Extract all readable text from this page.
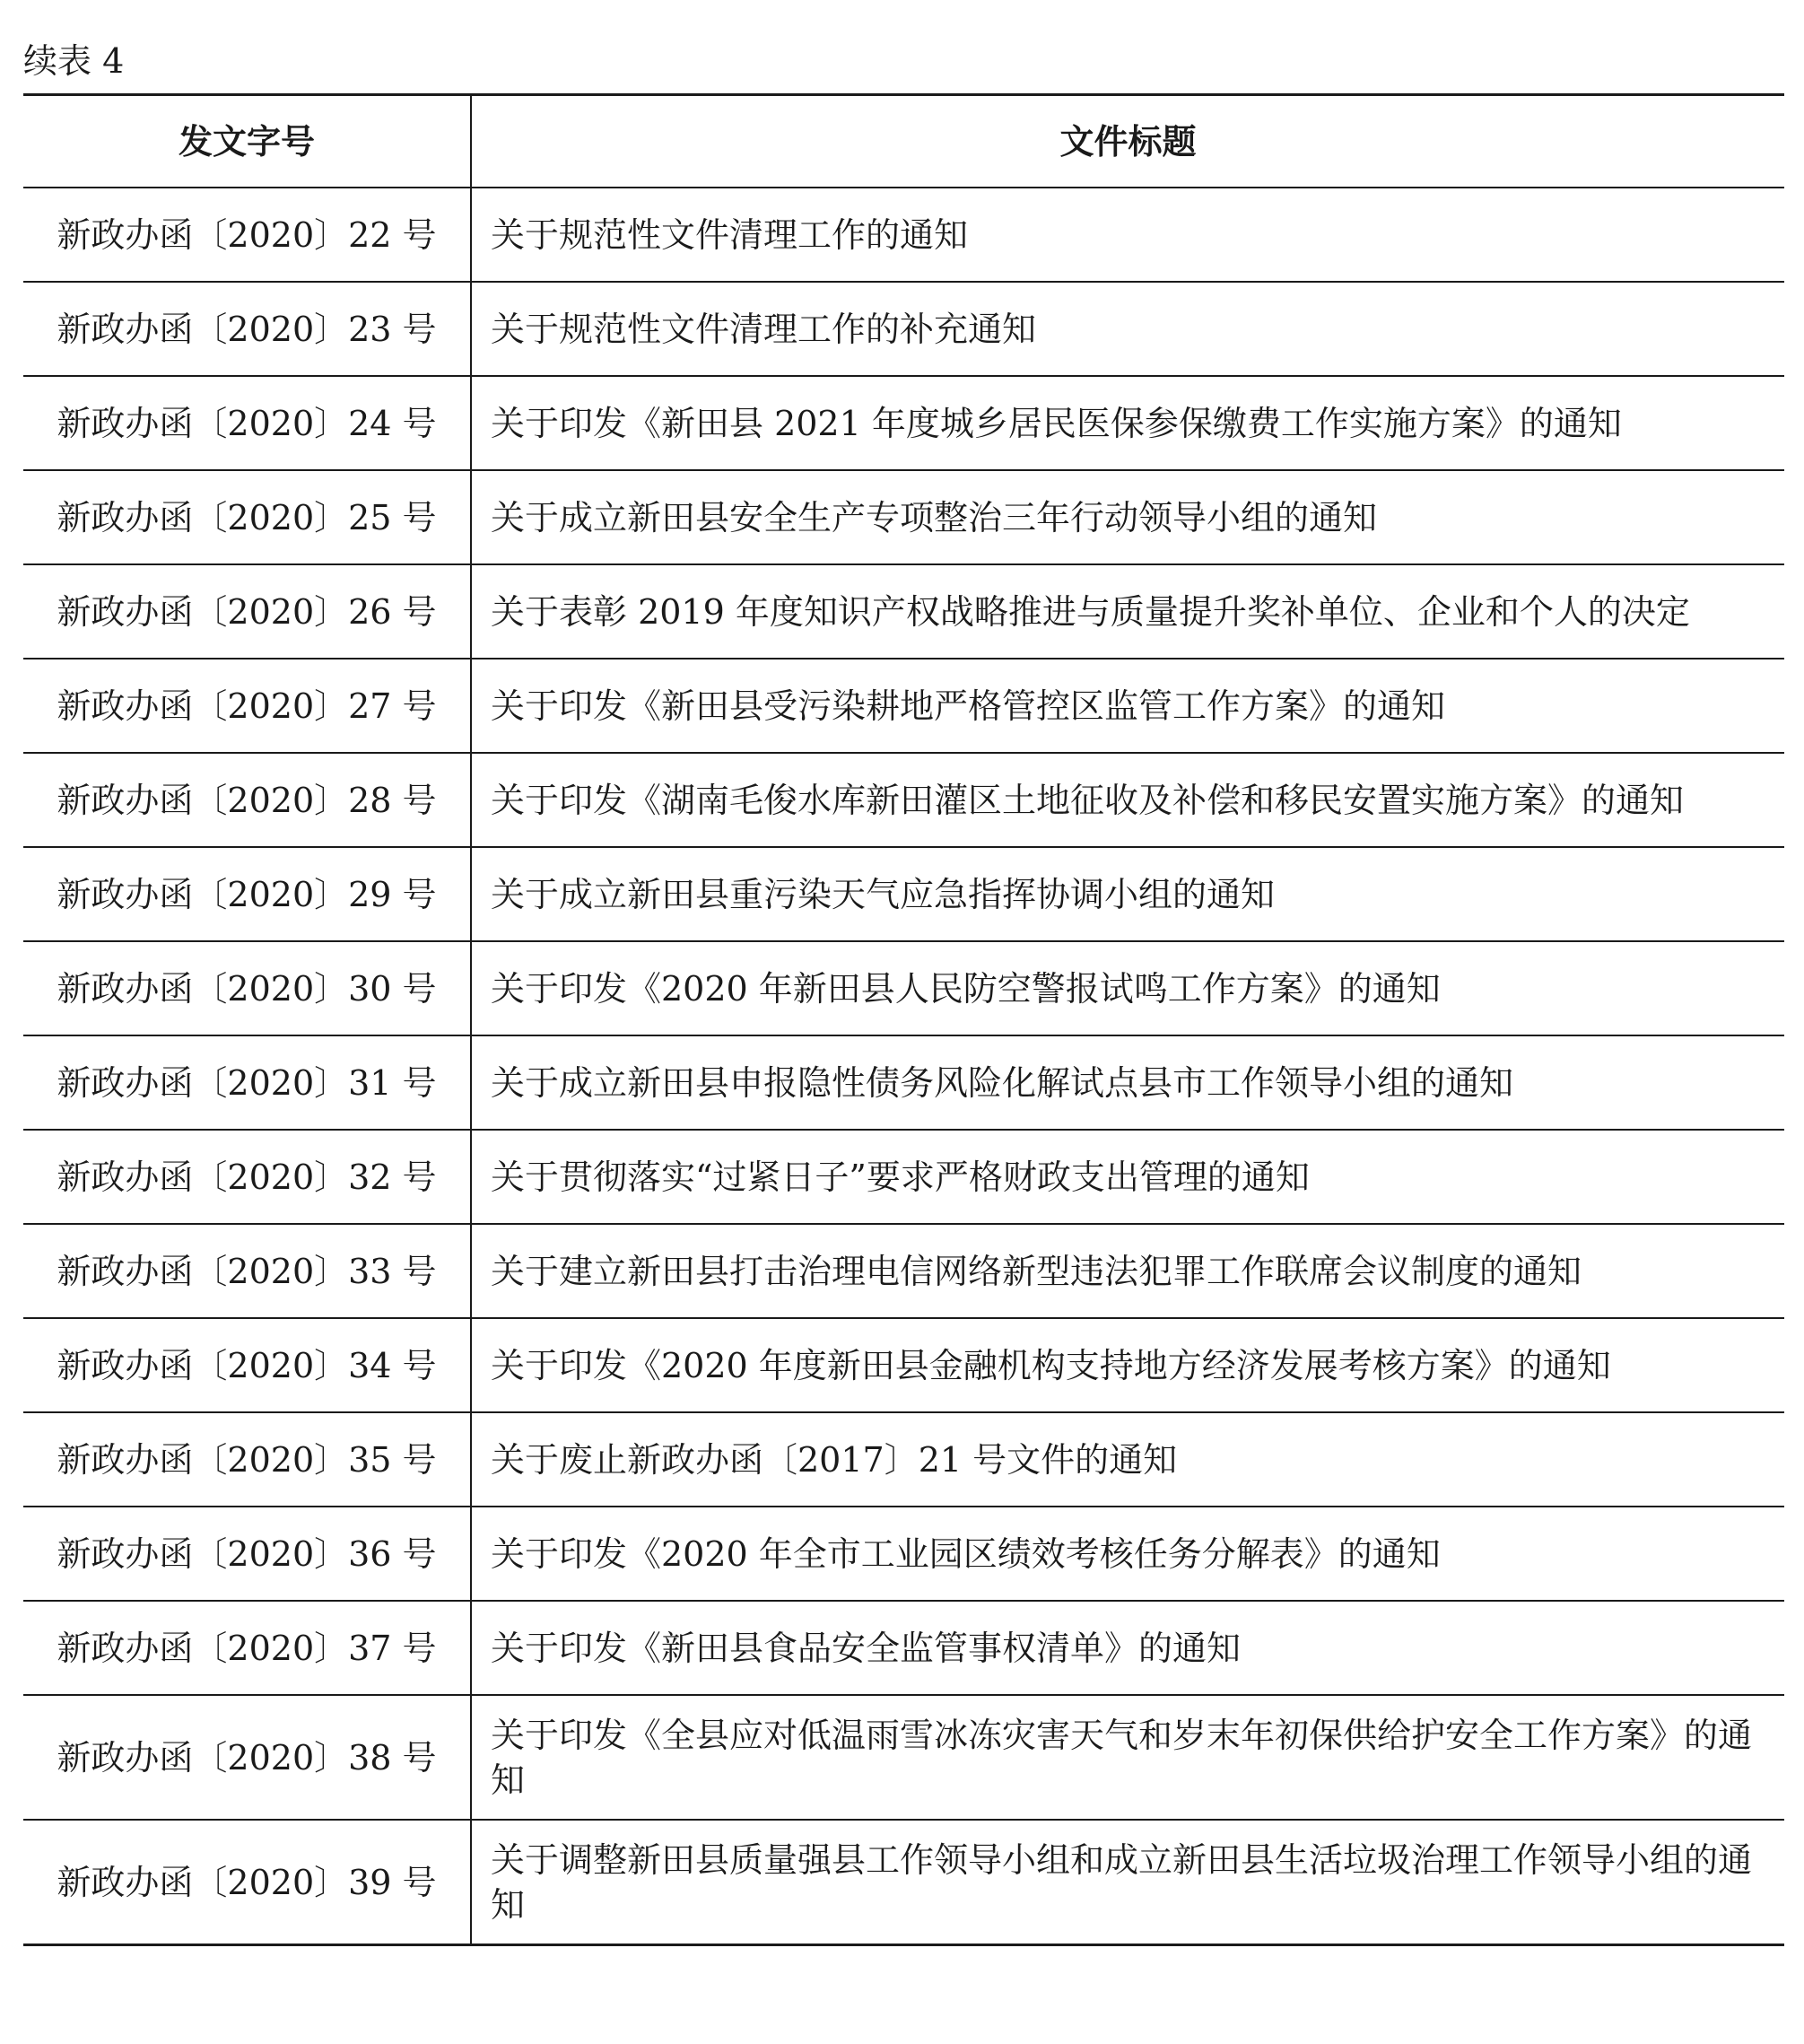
续表 4
发文字号	文件标题
新政办函〔2020〕22 号	关于规范性文件清理工作的通知
新政办函〔2020〕23 号	关于规范性文件清理工作的补充通知
新政办函〔2020〕24 号	关于印发《新田县 2021 年度城乡居民医保参保缴费工作实施方案》的通知
新政办函〔2020〕25 号	关于成立新田县安全生产专项整治三年行动领导小组的通知
新政办函〔2020〕26 号	关于表彰 2019 年度知识产权战略推进与质量提升奖补单位、企业和个人的决定
新政办函〔2020〕27 号	关于印发《新田县受污染耕地严格管控区监管工作方案》的通知
新政办函〔2020〕28 号	关于印发《湖南毛俊水库新田灌区土地征收及补偿和移民安置实施方案》的通知
新政办函〔2020〕29 号	关于成立新田县重污染天气应急指挥协调小组的通知
新政办函〔2020〕30 号	关于印发《2020 年新田县人民防空警报试鸣工作方案》的通知
新政办函〔2020〕31 号	关于成立新田县申报隐性债务风险化解试点县市工作领导小组的通知
新政办函〔2020〕32 号	关于贯彻落实“过紧日子”要求严格财政支出管理的通知
新政办函〔2020〕33 号	关于建立新田县打击治理电信网络新型违法犯罪工作联席会议制度的通知
新政办函〔2020〕34 号	关于印发《2020 年度新田县金融机构支持地方经济发展考核方案》的通知
新政办函〔2020〕35 号	关于废止新政办函〔2017〕21 号文件的通知
新政办函〔2020〕36 号	关于印发《2020 年全市工业园区绩效考核任务分解表》的通知
新政办函〔2020〕37 号	关于印发《新田县食品安全监管事权清单》的通知
新政办函〔2020〕38 号	关于印发《全县应对低温雨雪冰冻灾害天气和岁末年初保供给护安全工作方案》的通知
新政办函〔2020〕39 号	关于调整新田县质量强县工作领导小组和成立新田县生活垃圾治理工作领导小组的通知
